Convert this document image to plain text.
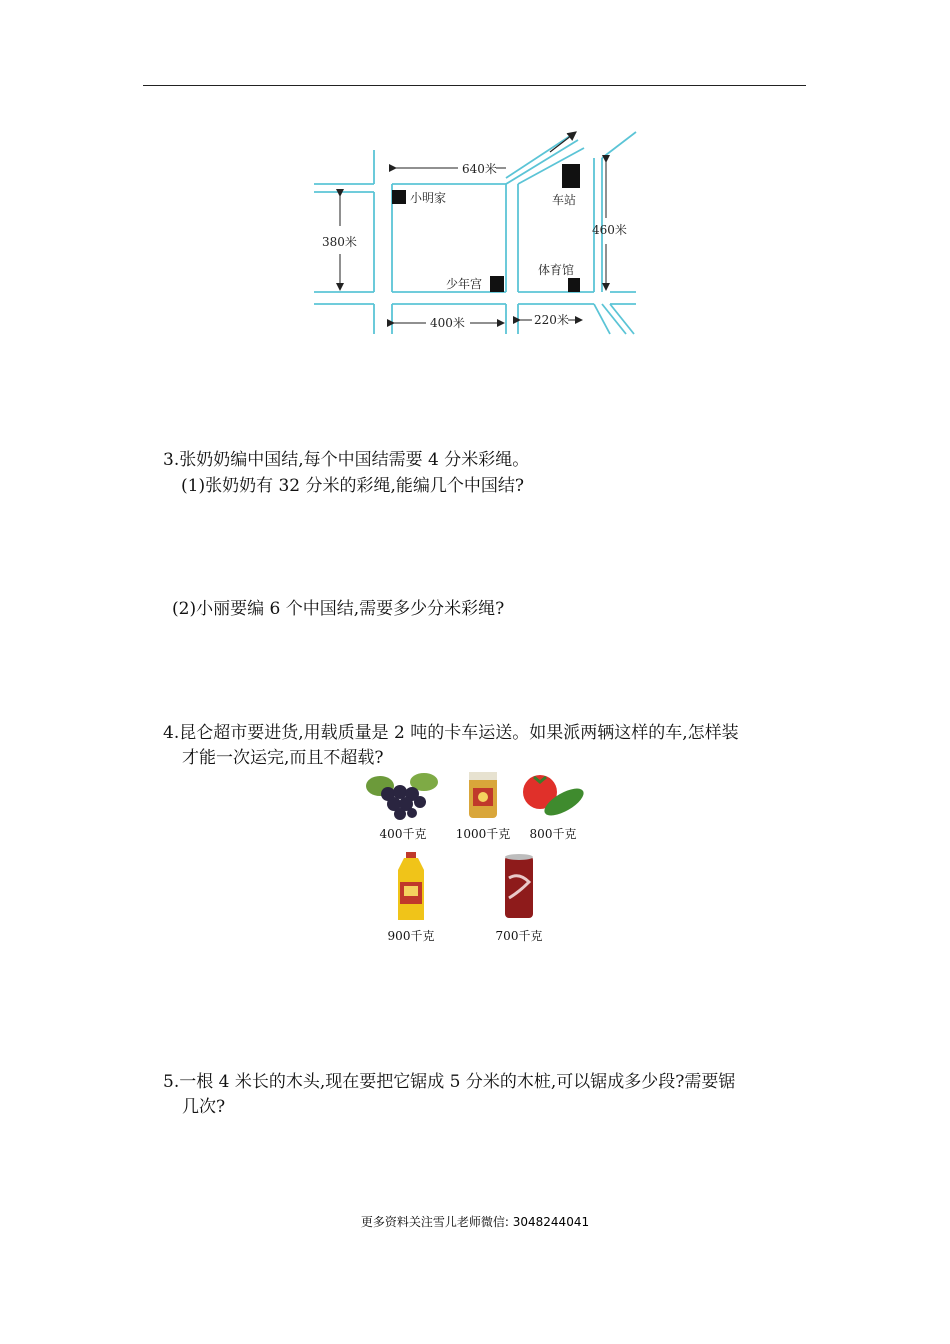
640米
380米
460米
400米	220米
小明家	车站
少年宫
体育馆
3.张奶奶编中国结,每个中国结需要 4 分米彩绳。
(1)张奶奶有 32 分米的彩绳,能编几个中国结?
(2)小丽要编 6 个中国结,需要多少分米彩绳?
4.昆仑超市要进货,用载质量是 2 吨的卡车运送。如果派两辆这样的车,怎样装
才能一次运完,而且不超载?
400千克	1000千克	800千克
900千克	700千克
5.一根 4 米长的木头,现在要把它锯成 5 分米的木桩,可以锯成多少段?需要锯
几次?
更多资料关注雪儿老师微信: 3048244041
